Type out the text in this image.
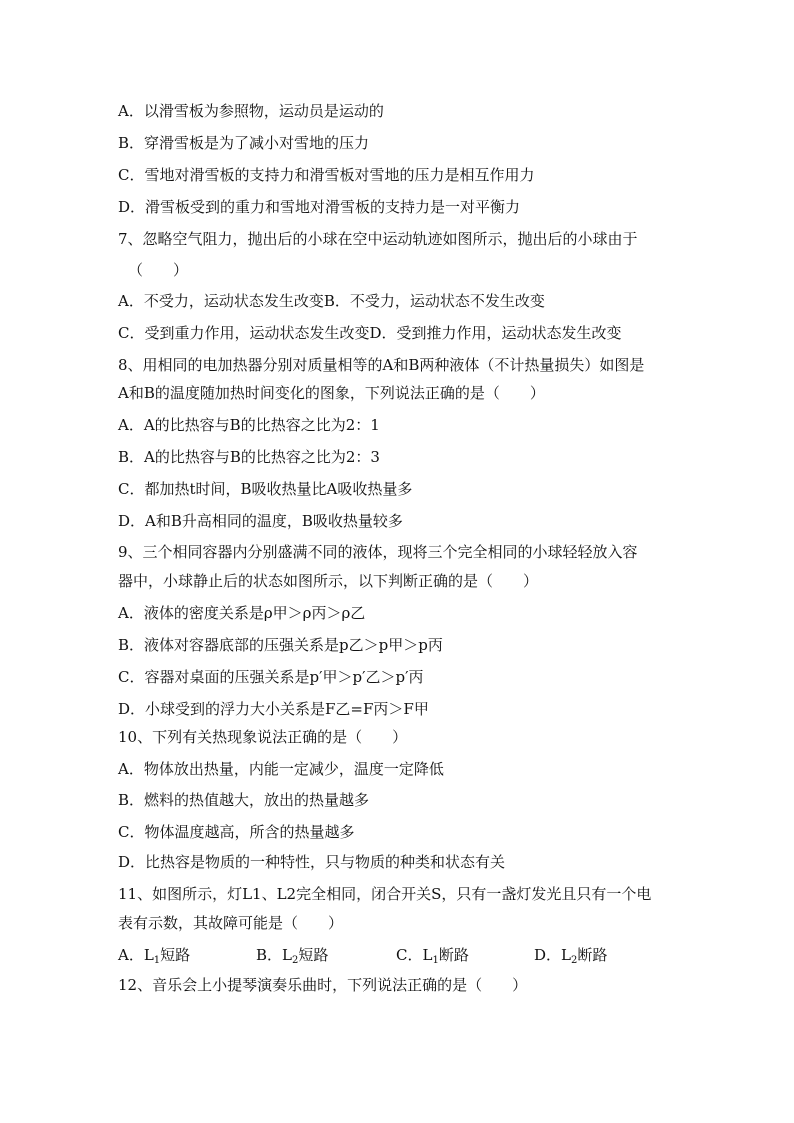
A．以滑雪板为参照物，运动员是运动的
B．穿滑雪板是为了减小对雪地的压力
C．雪地对滑雪板的支持力和滑雪板对雪地的压力是相互作用力
D．滑雪板受到的重力和雪地对滑雪板的支持力是一对平衡力
7、忽略空气阻力，抛出后的小球在空中运动轨迹如图所示，抛出后的小球由于
（　　）
A．不受力，运动状态发生改变B．不受力，运动状态不发生改变
C．受到重力作用，运动状态发生改变D．受到推力作用，运动状态发生改变
8、用相同的电加热器分别对质量相等的A和B两种液体（不计热量损失）如图是
A和B的温度随加热时间变化的图象，下列说法正确的是（　　）
A．A的比热容与B的比热容之比为2：1
B．A的比热容与B的比热容之比为2：3
C．都加热t时间，B吸收热量比A吸收热量多
D．A和B升高相同的温度，B吸收热量较多
9、三个相同容器内分别盛满不同的液体，现将三个完全相同的小球轻轻放入容
器中，小球静止后的状态如图所示，以下判断正确的是（　　）
A．液体的密度关系是ρ甲＞ρ丙＞ρ乙
B．液体对容器底部的压强关系是p乙＞p甲＞p丙
C．容器对桌面的压强关系是p′甲＞p′乙＞p′丙
D．小球受到的浮力大小关系是F乙=F丙＞F甲
10、下列有关热现象说法正确的是（　　）
A．物体放出热量，内能一定减少，温度一定降低
B．燃料的热值越大，放出的热量越多
C．物体温度越高，所含的热量越多
D．比热容是物质的一种特性，只与物质的种类和状态有关
11、如图所示，灯L1、L2完全相同，闭合开关S，只有一盏灯发光且只有一个电
表有示数，其故障可能是（　　）
A．$L_1$短路	B．$L_2$短路	C．$L_1$断路	D．$L_2$断路
12、音乐会上小提琴演奏乐曲时，下列说法正确的是（　　）
